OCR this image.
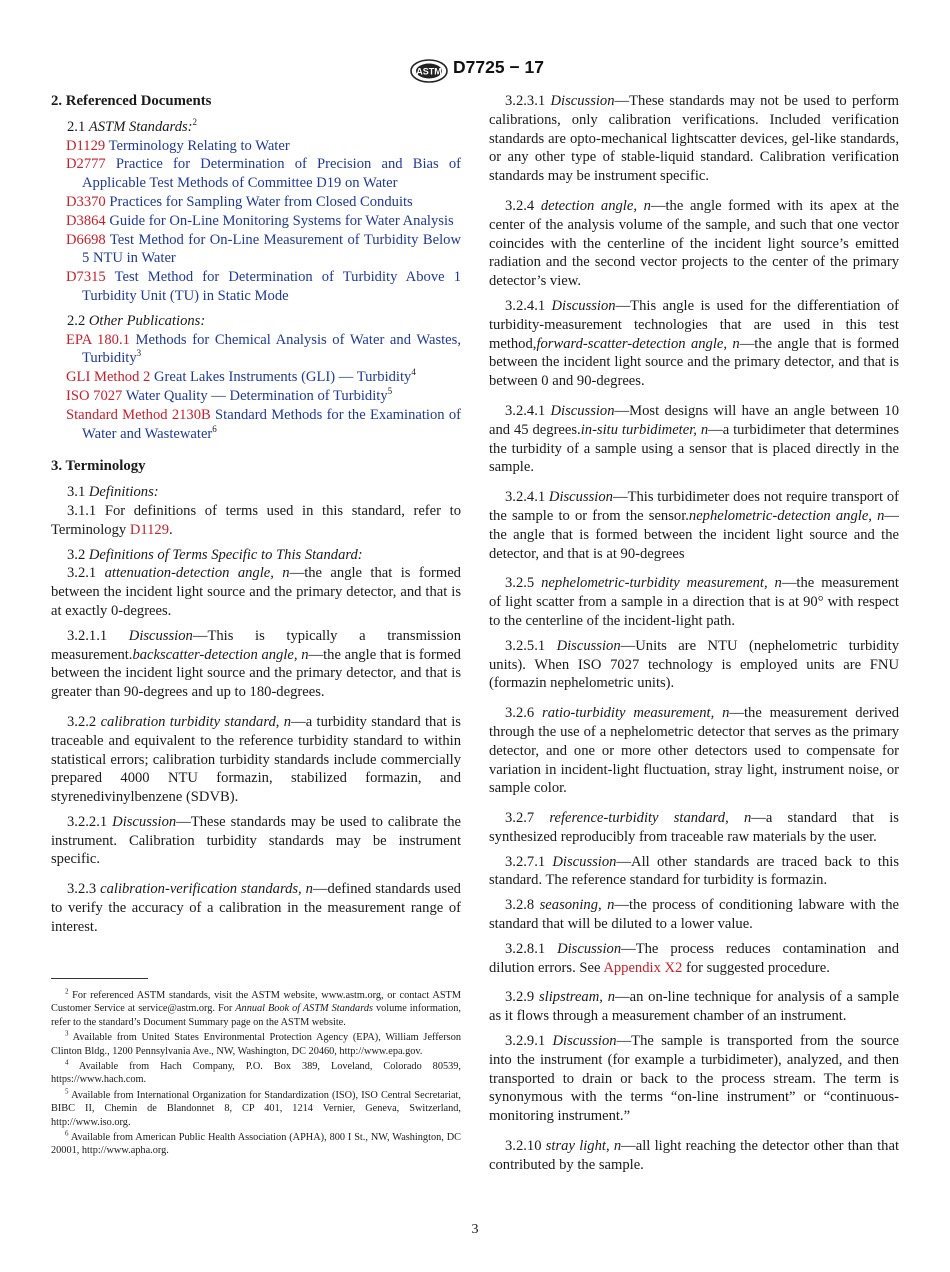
ASTM D7725 − 17
2. Referenced Documents

2.1 ASTM Standards:$^2$

D1129 Terminology Relating to Water

D2777 Practice for Determination of Precision and Bias of Applicable Test Methods of Committee D19 on Water

D3370 Practices for Sampling Water from Closed Conduits

D3864 Guide for On-Line Monitoring Systems for Water Analysis

D6698 Test Method for On-Line Measurement of Turbidity Below 5 NTU in Water

D7315 Test Method for Determination of Turbidity Above 1 Turbidity Unit (TU) in Static Mode

2.2 Other Publications:

EPA 180.1 Methods for Chemical Analysis of Water and Wastes, Turbidity$^3$

GLI Method 2 Great Lakes Instruments (GLI) — Turbidity$^4$

ISO 7027 Water Quality — Determination of Turbidity$^5$

Standard Method 2130B Standard Methods for the Examination of Water and Wastewater$^6$

3. Terminology

3.1 Definitions:

3.1.1 For definitions of terms used in this standard, refer to Terminology D1129.

3.2 Definitions of Terms Specific to This Standard:

3.2.1 attenuation-detection angle, n—the angle that is formed between the incident light source and the primary detector, and that is at exactly 0-degrees.

3.2.1.1 Discussion—This is typically a transmission measurement.backscatter-detection angle, n—the angle that is formed between the incident light source and the primary detector, and that is greater than 90-degrees and up to 180-degrees.

3.2.2 calibration turbidity standard, n—a turbidity standard that is traceable and equivalent to the reference turbidity standard to within statistical errors; calibration turbidity standards include commercially prepared 4000 NTU formazin, stabilized formazin, and styrenedivinylbenzene (SDVB).

3.2.2.1 Discussion—These standards may be used to calibrate the instrument. Calibration turbidity standards may be instrument specific.

3.2.3 calibration-verification standards, n—defined standards used to verify the accuracy of a calibration in the measurement range of interest.

$^2$ For referenced ASTM standards, visit the ASTM website, www.astm.org, or contact ASTM Customer Service at service@astm.org. For Annual Book of ASTM Standards volume information, refer to the standard’s Document Summary page on the ASTM website.

$^3$ Available from United States Environmental Protection Agency (EPA), William Jefferson Clinton Bldg., 1200 Pennsylvania Ave., NW, Washington, DC 20460, http://www.epa.gov.

$^4$ Available from Hach Company, P.O. Box 389, Loveland, Colorado 80539, https://www.hach.com.

$^5$ Available from International Organization for Standardization (ISO), ISO Central Secretariat, BIBC II, Chemin de Blandonnet 8, CP 401, 1214 Vernier, Geneva, Switzerland, http://www.iso.org.

$^6$ Available from American Public Health Association (APHA), 800 I St., NW, Washington, DC 20001, http://www.apha.org.

3.2.3.1 Discussion—These standards may not be used to perform calibrations, only calibration verifications. Included verification standards are opto-mechanical lightscatter devices, gel-like standards, or any other type of stable-liquid standard. Calibration verification standards may be instrument specific.

3.2.4 detection angle, n—the angle formed with its apex at the center of the analysis volume of the sample, and such that one vector coincides with the centerline of the incident light source’s emitted radiation and the second vector projects to the center of the primary detector’s view.

3.2.4.1 Discussion—This angle is used for the differentiation of turbidity-measurement technologies that are used in this test method,forward-scatter-detection angle, n—the angle that is formed between the incident light source and the primary detector, and that is between 0 and 90-degrees.

3.2.4.1 Discussion—Most designs will have an angle between 10 and 45 degrees.in-situ turbidimeter, n—a turbidimeter that determines the turbidity of a sample using a sensor that is placed directly in the sample.

3.2.4.1 Discussion—This turbidimeter does not require transport of the sample to or from the sensor.nephelometric-detection angle, n—the angle that is formed between the incident light source and the detector, and that is at 90-degrees

3.2.5 nephelometric-turbidity measurement, n—the measurement of light scatter from a sample in a direction that is at 90° with respect to the centerline of the incident-light path.

3.2.5.1 Discussion—Units are NTU (nephelometric turbidity units). When ISO 7027 technology is employed units are FNU (formazin nephelometric units).

3.2.6 ratio-turbidity measurement, n—the measurement derived through the use of a nephelometric detector that serves as the primary detector, and one or more other detectors used to compensate for variation in incident-light fluctuation, stray light, instrument noise, or sample color.

3.2.7 reference-turbidity standard, n—a standard that is synthesized reproducibly from traceable raw materials by the user.

3.2.7.1 Discussion—All other standards are traced back to this standard. The reference standard for turbidity is formazin.

3.2.8 seasoning, n—the process of conditioning labware with the standard that will be diluted to a lower value.

3.2.8.1 Discussion—The process reduces contamination and dilution errors. See Appendix X2 for suggested procedure.

3.2.9 slipstream, n—an on-line technique for analysis of a sample as it flows through a measurement chamber of an instrument.

3.2.9.1 Discussion—The sample is transported from the source into the instrument (for example a turbidimeter), analyzed, and then transported to drain or back to the process stream. The term is synonymous with the terms “on-line instrument” or “continuous-monitoring instrument.”

3.2.10 stray light, n—all light reaching the detector other than that contributed by the sample.

3
